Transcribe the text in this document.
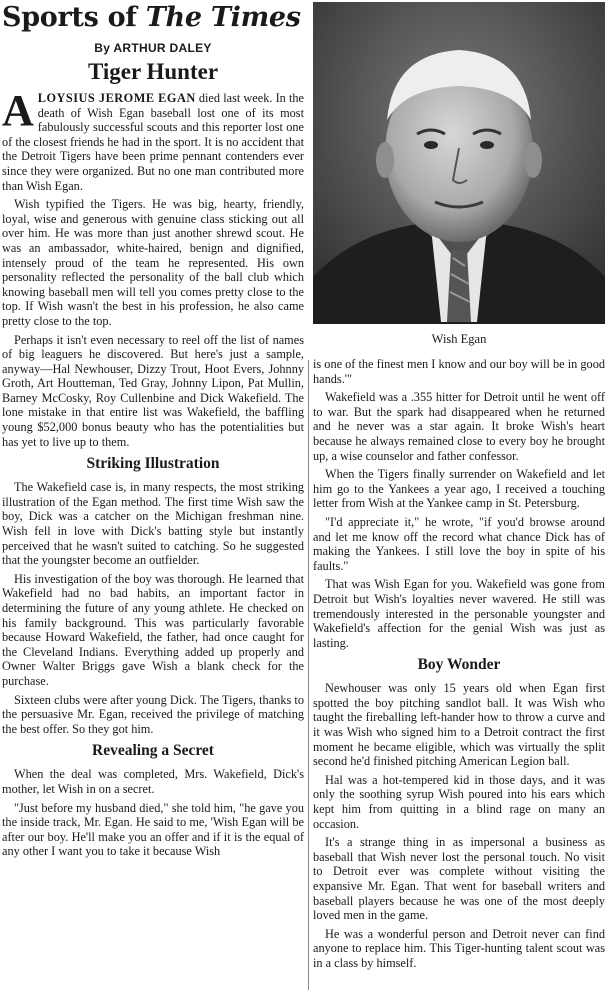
Sports of The Times
By ARTHUR DALEY
Tiger Hunter

ALOYSIUS JEROME EGAN died last week. In the death of Wish Egan baseball lost one of its most fabulously successful scouts and this reporter lost one of the closest friends he had in the sport. It is no accident that the Detroit Tigers have been prime pennant contenders ever since they were organized. But no one man contributed more than Wish Egan.

Wish typified the Tigers. He was big, hearty, friendly, loyal, wise and generous with genuine class sticking out all over him. He was more than just another shrewd scout. He was an ambassador, white-haired, benign and dignified, intensely proud of the team he represented. His own personality reflected the personality of the ball club which knowing baseball men will tell you comes pretty close to the top. If Wish wasn't the best in his profession, he also came pretty close to the top.

Perhaps it isn't even necessary to reel off the list of names of big leaguers he discovered. But here's just a sample, anyway—Hal Newhouser, Dizzy Trout, Hoot Evers, Johnny Groth, Art Houtteman, Ted Gray, Johnny Lipon, Pat Mullin, Barney McCosky, Roy Cullenbine and Dick Wakefield. The lone mistake in that entire list was Wakefield, the baffling young $52,000 bonus beauty who has the potentialities but has yet to live up to them.

Striking Illustration

The Wakefield case is, in many respects, the most striking illustration of the Egan method. The first time Wish saw the boy, Dick was a catcher on the Michigan freshman nine. Wish fell in love with Dick's batting style but instantly perceived that he wasn't suited to catching. So he suggested that the youngster become an outfielder.

His investigation of the boy was thorough. He learned that Wakefield had no bad habits, an important factor in determining the future of any young athlete. He checked on his family background. This was particularly favorable because Howard Wakefield, the father, had once caught for the Cleveland Indians. Everything added up properly and Owner Walter Briggs gave Wish a blank check for the purchase.

Sixteen clubs were after young Dick. The Tigers, thanks to the persuasive Mr. Egan, received the privilege of matching the best offer. So they got him.

Revealing a Secret

When the deal was completed, Mrs. Wakefield, Dick's mother, let Wish in on a secret.

"Just before my husband died," she told him, "he gave you the inside track, Mr. Egan. He said to me, 'Wish Egan will be after our boy. He'll make you an offer and if it is the equal of any other I want you to take it because Wish

Wish Egan

is one of the finest men I know and our boy will be in good hands.'"

Wakefield was a .355 hitter for Detroit until he went off to war. But the spark had disappeared when he returned and he never was a star again. It broke Wish's heart because he always remained close to every boy he brought up, a wise counselor and father confessor.

When the Tigers finally surrender on Wakefield and let him go to the Yankees a year ago, I received a touching letter from Wish at the Yankee camp in St. Petersburg.

"I'd appreciate it," he wrote, "if you'd browse around and let me know off the record what chance Dick has of making the Yankees. I still love the boy in spite of his faults."

That was Wish Egan for you. Wakefield was gone from Detroit but Wish's loyalties never wavered. He still was tremendously interested in the personable youngster and Wakefield's affection for the genial Wish was just as lasting.

Boy Wonder

Newhouser was only 15 years old when Egan first spotted the boy pitching sandlot ball. It was Wish who taught the fireballing left-hander how to throw a curve and it was Wish who signed him to a Detroit contract the first moment he became eligible, which was virtually the split second he'd finished pitching American Legion ball.

Hal was a hot-tempered kid in those days, and it was only the soothing syrup Wish poured into his ears which kept him from quitting in a blind rage on many an occasion.

It's a strange thing in as impersonal a business as baseball that Wish never lost the personal touch. No visit to Detroit ever was complete without visiting the expansive Mr. Egan. That went for baseball writers and baseball players because he was one of the most deeply loved men in the game.

He was a wonderful person and Detroit never can find anyone to replace him. This Tiger-hunting talent scout was in a class by himself.
